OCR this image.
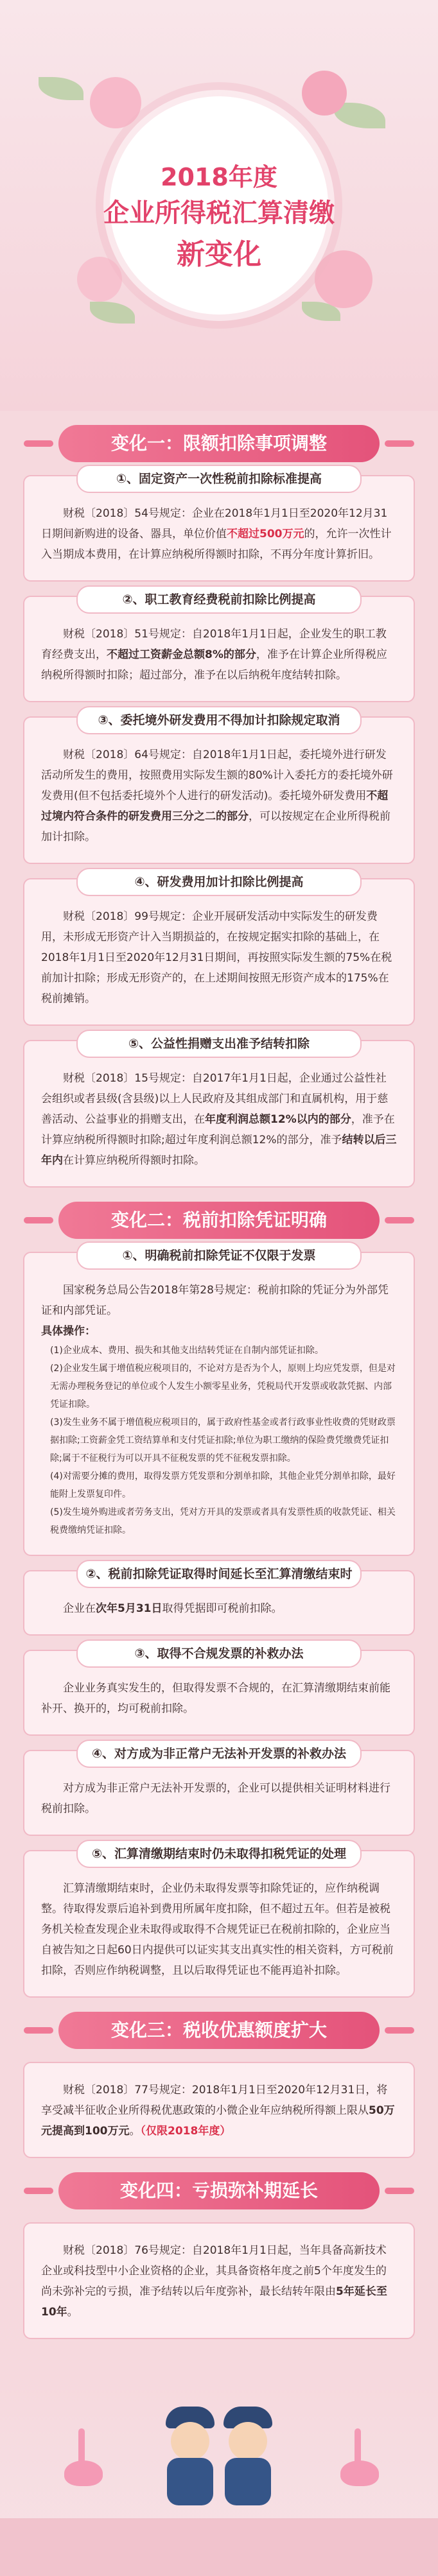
2018年度
企业所得税汇算清缴
新变化
变化一：限额扣除事项调整
①、固定资产一次性税前扣除标准提高

财税〔2018〕54号规定：企业在2018年1月1日至2020年12月31日期间新购进的设备、器具，单位价值不超过500万元的，允许一次性计入当期成本费用，在计算应纳税所得额时扣除，不再分年度计算折旧。

②、职工教育经费税前扣除比例提高

财税〔2018〕51号规定：自2018年1月1日起，企业发生的职工教育经费支出，不超过工资薪金总额8%的部分，准予在计算企业所得税应纳税所得额时扣除；超过部分，准予在以后纳税年度结转扣除。

③、委托境外研发费用不得加计扣除规定取消

财税〔2018〕64号规定：自2018年1月1日起，委托境外进行研发活动所发生的费用，按照费用实际发生额的80%计入委托方的委托境外研发费用(但不包括委托境外个人进行的研发活动)。委托境外研发费用不超过境内符合条件的研发费用三分之二的部分，可以按规定在企业所得税前加计扣除。

④、研发费用加计扣除比例提高

财税〔2018〕99号规定：企业开展研发活动中实际发生的研发费用，未形成无形资产计入当期损益的，在按规定据实扣除的基础上，在2018年1月1日至2020年12月31日期间，再按照实际发生额的75%在税前加计扣除；形成无形资产的，在上述期间按照无形资产成本的175%在税前摊销。

⑤、公益性捐赠支出准予结转扣除

财税〔2018〕15号规定：自2017年1月1日起，企业通过公益性社会组织或者县级(含县级)以上人民政府及其组成部门和直属机构，用于慈善活动、公益事业的捐赠支出，在年度利润总额12%以内的部分，准予在计算应纳税所得额时扣除;超过年度利润总额12%的部分，准予结转以后三年内在计算应纳税所得额时扣除。

变化二：税前扣除凭证明确
①、明确税前扣除凭证不仅限于发票

国家税务总局公告2018年第28号规定：税前扣除的凭证分为外部凭证和内部凭证。

具体操作：

(1)企业成本、费用、损失和其他支出结转凭证在自制内部凭证扣除。

(2)企业发生属于增值税应税项目的，不论对方是否为个人，原则上均应凭发票，但是对无需办理税务登记的单位或个人发生小额零星业务，凭税局代开发票或收款凭据、内部凭证扣除。

(3)发生业务不属于增值税应税项目的，属于政府性基金或者行政事业性收费的凭财政票据扣除;工资薪金凭工资结算单和支付凭证扣除;单位为职工缴纳的保险费凭缴费凭证扣除;属于不征税行为可以开具不征税发票的凭不征税发票扣除。

(4)对需要分摊的费用，取得发票方凭发票和分割单扣除，其他企业凭分割单扣除，最好能附上发票复印件。

(5)发生境外购进或者劳务支出，凭对方开具的发票或者具有发票性质的收款凭证、相关税费缴纳凭证扣除。

②、税前扣除凭证取得时间延长至汇算清缴结束时

企业在次年5月31日取得凭据即可税前扣除。

③、取得不合规发票的补救办法

企业业务真实发生的，但取得发票不合规的，在汇算清缴期结束前能补开、换开的，均可税前扣除。

④、对方成为非正常户无法补开发票的补救办法

对方成为非正常户无法补开发票的，企业可以提供相关证明材料进行税前扣除。

⑤、汇算清缴期结束时仍未取得扣税凭证的处理

汇算清缴期结束时，企业仍未取得发票等扣除凭证的，应作纳税调整。待取得发票后追补到费用所属年度扣除，但不超过五年。但若是被税务机关检查发现企业未取得或取得不合规凭证已在税前扣除的，企业应当自被告知之日起60日内提供可以证实其支出真实性的相关资料，方可税前扣除，否则应作纳税调整，且以后取得凭证也不能再追补扣除。

变化三：税收优惠额度扩大

财税〔2018〕77号规定：2018年1月1日至2020年12月31日，将享受减半征收企业所得税优惠政策的小微企业年应纳税所得额上限从50万元提高到100万元。（仅限2018年度）

变化四：亏损弥补期延长

财税〔2018〕76号规定：自2018年1月1日起，当年具备高新技术企业或科技型中小企业资格的企业，其具备资格年度之前5个年度发生的尚未弥补完的亏损，准予结转以后年度弥补，最长结转年限由5年延长至10年。
